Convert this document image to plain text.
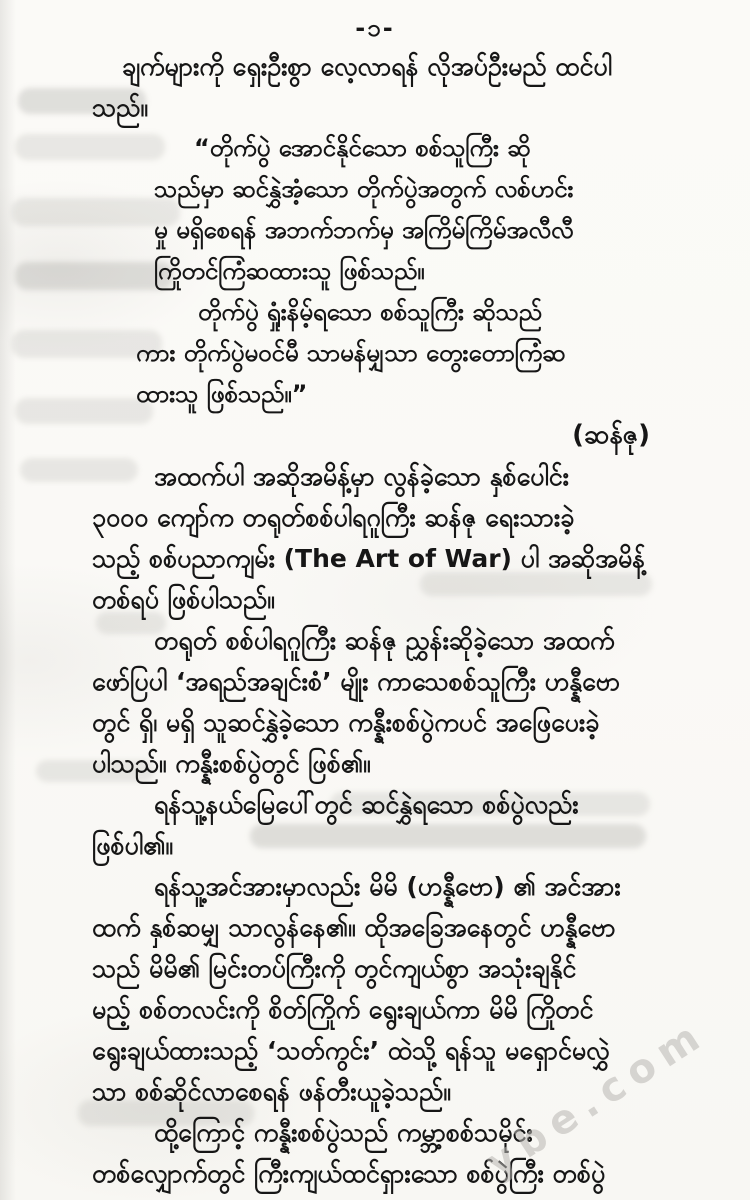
-၁-
ချက်များကို ရှေးဦးစွာ လေ့လာရန် လိုအပ်ဦးမည် ထင်ပါ
သည်။
“တိုက်ပွဲ အောင်နိုင်သော စစ်သူကြီး ဆို
သည်မှာ ဆင်နွှဲအံ့သော တိုက်ပွဲအတွက် လစ်ဟင်း
မှု မရှိစေရန် အဘက်ဘက်မှ အကြိမ်ကြိမ်အလီလီ
ကြိုတင်ကြံဆထားသူ ဖြစ်သည်။
တိုက်ပွဲ ရှုံးနိမ့်ရသော စစ်သူကြီး ဆိုသည်
ကား တိုက်ပွဲမဝင်မီ သာမန်မျှသာ တွေးတောကြံဆ
ထားသူ ဖြစ်သည်။”
(ဆန်ဇု)
အထက်ပါ အဆိုအမိန့်မှာ လွန်ခဲ့သော နှစ်ပေါင်း
၃၀၀၀ ကျော်က တရုတ်စစ်ပါရဂူကြီး ဆန်ဇု ရေးသားခဲ့
သည့် စစ်ပညာကျမ်း (The Art of War) ပါ အဆိုအမိန့်
တစ်ရပ် ဖြစ်ပါသည်။
တရုတ် စစ်ပါရဂူကြီး ဆန်ဇု ညွှန်းဆိုခဲ့သော အထက်
ဖော်ပြပါ ‘အရည်အချင်းစံ’ မျိုး ကာသေစစ်သူကြီး ဟန္နီဗော
တွင် ရှိ၊ မရှိ သူဆင်နွှဲခဲ့သော ကန္နီးစစ်ပွဲကပင် အဖြေပေးခဲ့
ပါသည်။ ကန္နီးစစ်ပွဲတွင် ဖြစ်၏။
ရန်သူ့နယ်မြေပေါ်တွင် ဆင်နွှဲရသော စစ်ပွဲလည်း
ဖြစ်ပါ၏။
ရန်သူ့အင်အားမှာလည်း မိမိ (ဟန္နီဗော) ၏ အင်အား
ထက် နှစ်ဆမျှ သာလွန်နေ၏။ ထိုအခြေအနေတွင် ဟန္နီဗော
သည် မိမိ၏ မြင်းတပ်ကြီးကို တွင်ကျယ်စွာ အသုံးချနိုင်
မည့် စစ်တလင်းကို စိတ်ကြိုက် ရွေးချယ်ကာ မိမိ ကြိုတင်
ရွေးချယ်ထားသည့် ‘သတ်ကွင်း’ ထဲသို့ ရန်သူ မရှောင်မလွှဲ
သာ စစ်ဆိုင်လာစေရန် ဖန်တီးယူခဲ့သည်။
ထို့ကြောင့် ကန္နီးစစ်ပွဲသည် ကမ္ဘာ့စစ်သမိုင်း
တစ်လျှောက်တွင် ကြီးကျယ်ထင်ရှားသော စစ်ပွဲကြီး တစ်ပွဲ
ybe.com
